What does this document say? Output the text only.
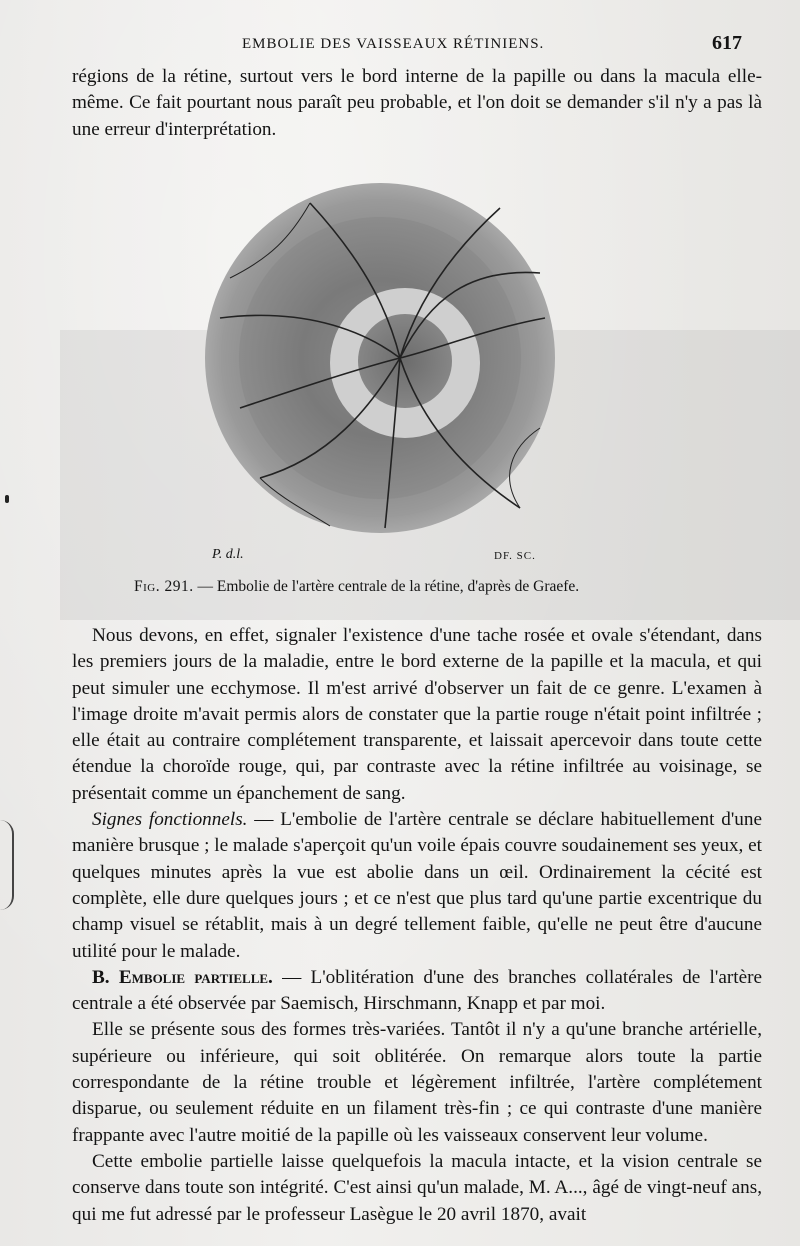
EMBOLIE DES VAISSEAUX RÉTINIENS.	617

régions de la rétine, surtout vers le bord interne de la papille ou dans la macula elle-même. Ce fait pourtant nous paraît peu probable, et l'on doit se demander s'il n'y a pas là une erreur d'interprétation.

P. d.l.	DF. SC.
Fig. 291. — Embolie de l'artère centrale de la rétine, d'après de Graefe.

Nous devons, en effet, signaler l'existence d'une tache rosée et ovale s'étendant, dans les premiers jours de la maladie, entre le bord externe de la papille et la macula, et qui peut simuler une ecchymose. Il m'est arrivé d'observer un fait de ce genre. L'examen à l'image droite m'avait permis alors de constater que la partie rouge n'était point infiltrée ; elle était au contraire complétement transparente, et laissait apercevoir dans toute cette étendue la choroïde rouge, qui, par contraste avec la rétine infiltrée au voisinage, se présentait comme un épanchement de sang.

Signes fonctionnels. — L'embolie de l'artère centrale se déclare habituellement d'une manière brusque ; le malade s'aperçoit qu'un voile épais couvre soudainement ses yeux, et quelques minutes après la vue est abolie dans un œil. Ordinairement la cécité est complète, elle dure quelques jours ; et ce n'est que plus tard qu'une partie excentrique du champ visuel se rétablit, mais à un degré tellement faible, qu'elle ne peut être d'aucune utilité pour le malade.

B. Embolie partielle. — L'oblitération d'une des branches collatérales de l'artère centrale a été observée par Saemisch, Hirschmann, Knapp et par moi.

Elle se présente sous des formes très-variées. Tantôt il n'y a qu'une branche artérielle, supérieure ou inférieure, qui soit oblitérée. On remarque alors toute la partie correspondante de la rétine trouble et légèrement infiltrée, l'artère complétement disparue, ou seulement réduite en un filament très-fin ; ce qui contraste d'une manière frappante avec l'autre moitié de la papille où les vaisseaux conservent leur volume.

Cette embolie partielle laisse quelquefois la macula intacte, et la vision centrale se conserve dans toute son intégrité. C'est ainsi qu'un malade, M. A..., âgé de vingt-neuf ans, qui me fut adressé par le professeur Lasègue le 20 avril 1870, avait
